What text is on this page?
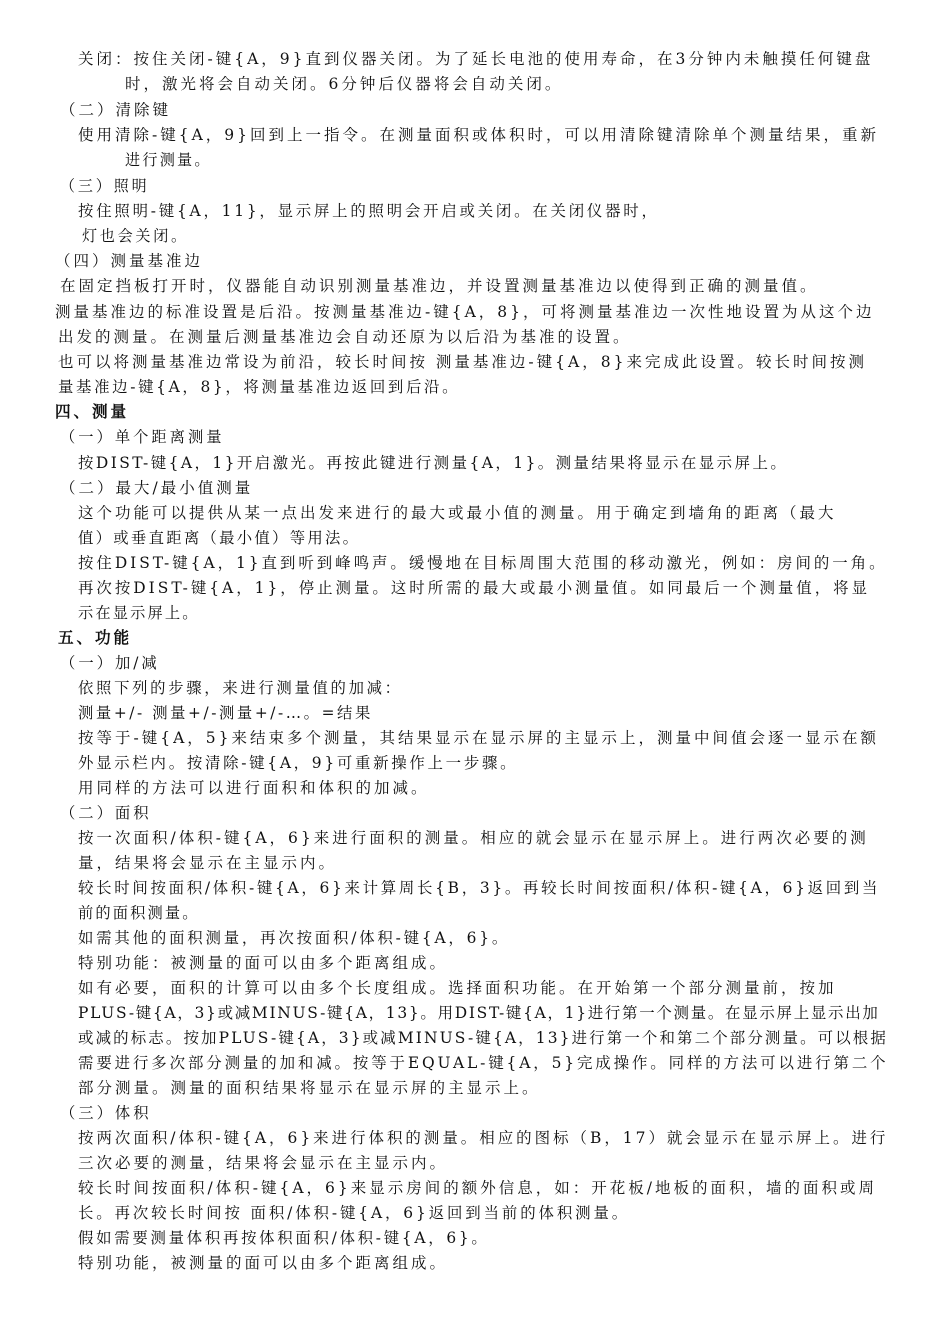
关闭：按住关闭-键{A，9}直到仪器关闭。为了延长电池的使用寿命，在3分钟内未触摸任何键盘
时，激光将会自动关闭。6分钟后仪器将会自动关闭。
（二）清除键
使用清除-键{A，9}回到上一指令。在测量面积或体积时，可以用清除键清除单个测量结果，重新
进行测量。
（三）照明
按住照明-键{A，11}，显示屏上的照明会开启或关闭。在关闭仪器时，
灯也会关闭。
（四）测量基准边
在固定挡板打开时，仪器能自动识别测量基准边，并设置测量基准边以使得到正确的测量值。
测量基准边的标准设置是后沿。按测量基准边-键{A，8}，可将测量基准边一次性地设置为从这个边
出发的测量。在测量后测量基准边会自动还原为以后沿为基准的设置。
也可以将测量基准边常设为前沿，较长时间按 测量基准边-键{A，8}来完成此设置。较长时间按测
量基准边-键{A，8}，将测量基准边返回到后沿。
四、测量
（一）单个距离测量
按DIST-键{A，1}开启激光。再按此键进行测量{A，1}。测量结果将显示在显示屏上。
（二）最大/最小值测量
这个功能可以提供从某一点出发来进行的最大或最小值的测量。用于确定到墙角的距离（最大
值）或垂直距离（最小值）等用法。
按住DIST-键{A，1}直到听到峰鸣声。缓慢地在目标周围大范围的移动激光，例如：房间的一角。
再次按DIST-键{A，1}，停止测量。这时所需的最大或最小测量值。如同最后一个测量值，将显
示在显示屏上。
五、功能
（一）加/减
依照下列的步骤，来进行测量值的加减：
测量+/- 测量+/-测量+/-…。=结果
按等于-键{A，5}来结束多个测量，其结果显示在显示屏的主显示上，测量中间值会逐一显示在额
外显示栏内。按清除-键{A，9}可重新操作上一步骤。
用同样的方法可以进行面积和体积的加减。
（二）面积
按一次面积/体积-键{A，6}来进行面积的测量。相应的就会显示在显示屏上。进行两次必要的测
量，结果将会显示在主显示内。
较长时间按面积/体积-键{A，6}来计算周长{B，3}。再较长时间按面积/体积-键{A，6}返回到当
前的面积测量。
如需其他的面积测量，再次按面积/体积-键{A，6}。
特别功能：被测量的面可以由多个距离组成。
如有必要，面积的计算可以由多个长度组成。选择面积功能。在开始第一个部分测量前，按加
PLUS-键{A，3}或减MINUS-键{A，13}。用DIST-键{A，1}进行第一个测量。在显示屏上显示出加
或减的标志。按加PLUS-键{A，3}或减MINUS-键{A，13}进行第一个和第二个部分测量。可以根据
需要进行多次部分测量的加和减。按等于EQUAL-键{A，5}完成操作。同样的方法可以进行第二个
部分测量。测量的面积结果将显示在显示屏的主显示上。
（三）体积
按两次面积/体积-键{A，6}来进行体积的测量。相应的图标（B，17）就会显示在显示屏上。进行
三次必要的测量，结果将会显示在主显示内。
较长时间按面积/体积-键{A，6}来显示房间的额外信息，如：开花板/地板的面积，墙的面积或周
长。再次较长时间按 面积/体积-键{A，6}返回到当前的体积测量。
假如需要测量体积再按体积面积/体积-键{A，6}。
特别功能，被测量的面可以由多个距离组成。
